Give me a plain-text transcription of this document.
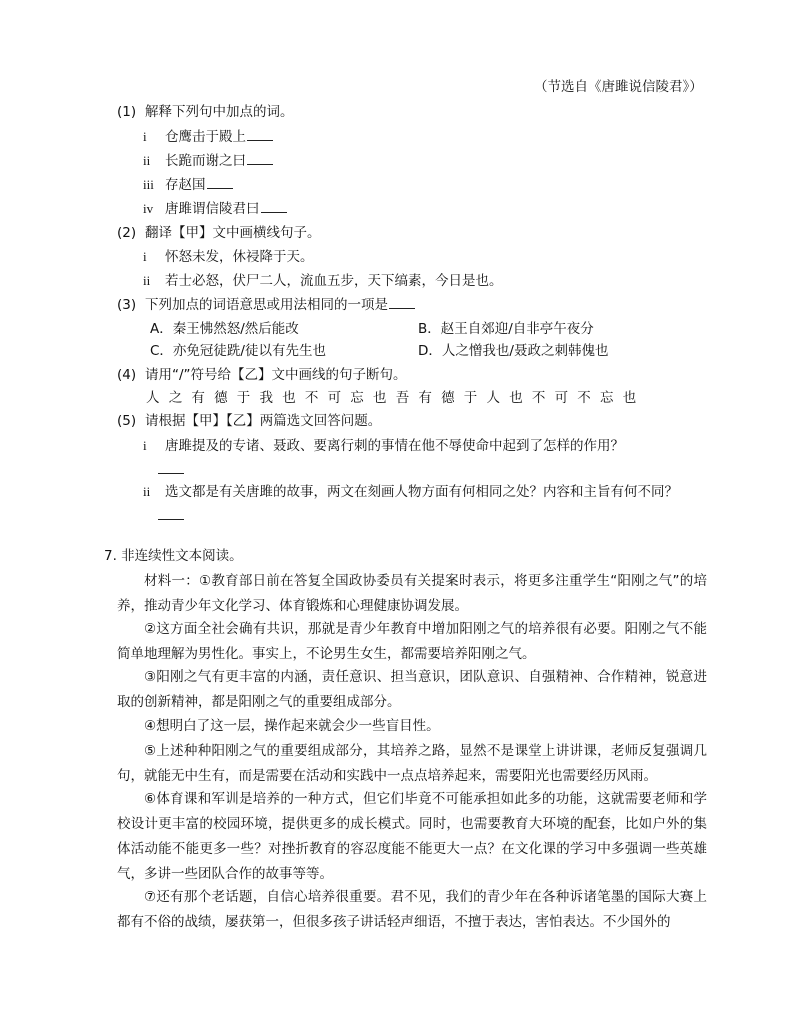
（节选自《唐雎说信陵君》）
(1) 解释下列句中加点的词。
i 仓鹰击于殿上
ii 长跪而谢之曰
iii 存赵国
iv 唐雎谓信陵君曰
(2) 翻译【甲】文中画横线句子。
i 怀怒未发，休祲降于天。
ii 若士必怒，伏尸二人，流血五步，天下缟素，今日是也。
(3) 下列加点的词语意思或用法相同的一项是
A．秦王怫然怒/然后能改	B．赵王自郊迎/自非亭午夜分
C．亦免冠徒跣/徒以有先生也	D．人之憎我也/聂政之刺韩傀也
(4) 请用“/”符号给【乙】文中画线的句子断句。
人之有德于我也不可忘也吾有德于人也不可不忘也
(5) 请根据【甲】【乙】两篇选文回答问题。
i 唐雎提及的专诸、聂政、要离行刺的事情在他不辱使命中起到了怎样的作用？
ii 选文都是有关唐雎的故事，两文在刻画人物方面有何相同之处？内容和主旨有何不同？
7. 非连续性文本阅读。
材料一：①教育部日前在答复全国政协委员有关提案时表示，将更多注重学生“阳刚之气”的培养，推动青少年文化学习、体育锻炼和心理健康协调发展。
②这方面全社会确有共识，那就是青少年教育中增加阳刚之气的培养很有必要。阳刚之气不能简单地理解为男性化。事实上，不论男生女生，都需要培养阳刚之气。
③阳刚之气有更丰富的内涵，责任意识、担当意识，团队意识、自强精神、合作精神，锐意进取的创新精神，都是阳刚之气的重要组成部分。
④想明白了这一层，操作起来就会少一些盲目性。
⑤上述种种阳刚之气的重要组成部分，其培养之路，显然不是课堂上讲讲课，老师反复强调几句，就能无中生有，而是需要在活动和实践中一点点培养起来，需要阳光也需要经历风雨。
⑥体育课和军训是培养的一种方式，但它们毕竟不可能承担如此多的功能，这就需要老师和学校设计更丰富的校园环境，提供更多的成长模式。同时，也需要教育大环境的配套，比如户外的集体活动能不能更多一些？对挫折教育的容忍度能不能更大一点？在文化课的学习中多强调一些英雄气，多讲一些团队合作的故事等等。
⑦还有那个老话题，自信心培养很重要。君不见，我们的青少年在各种诉诸笔墨的国际大赛上都有不俗的战绩，屡获第一，但很多孩子讲话轻声细语，不擅于表达，害怕表达。不少国外的
